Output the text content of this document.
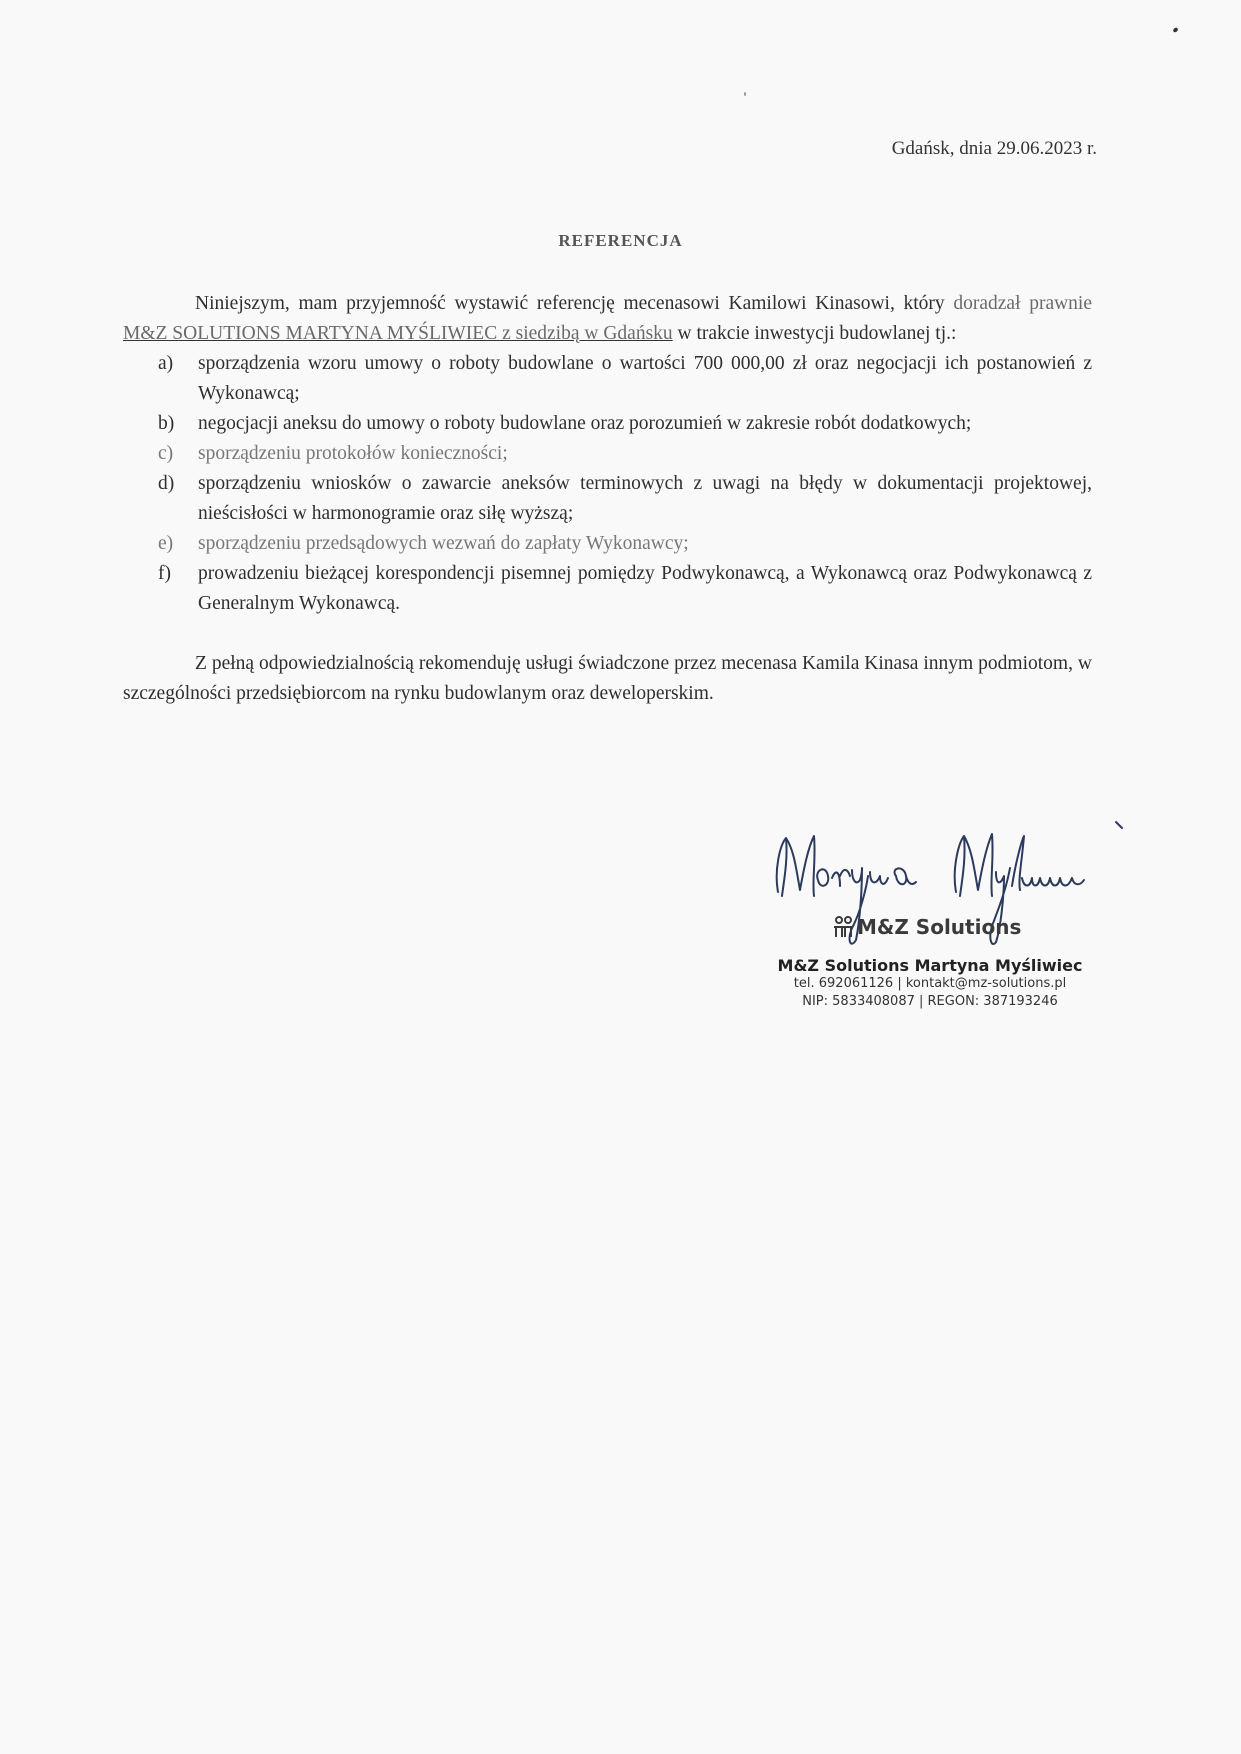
Gdańsk, dnia 29.06.2023 r.
REFERENCJA

Niniejszym, mam przyjemność wystawić referencję mecenasowi Kamilowi Kinasowi, który doradzał prawnie M&Z SOLUTIONS MARTYNA MYŚLIWIEC z siedzibą w Gdańsku w trakcie inwestycji budowlanej tj.:

a) sporządzenia wzoru umowy o roboty budowlane o wartości 700 000,00 zł oraz negocjacji ich postanowień z Wykonawcą;
b) negocjacji aneksu do umowy o roboty budowlane oraz porozumień w zakresie robót dodatkowych;
c) sporządzeniu protokołów konieczności;
d) sporządzeniu wniosków o zawarcie aneksów terminowych z uwagi na błędy w dokumentacji projektowej, nieścisłości w harmonogramie oraz siłę wyższą;
e) sporządzeniu przedsądowych wezwań do zapłaty Wykonawcy;
f) prowadzeniu bieżącej korespondencji pisemnej pomiędzy Podwykonawcą, a Wykonawcą oraz Podwykonawcą z Generalnym Wykonawcą.

Z pełną odpowiedzialnością rekomenduję usługi świadczone przez mecenasa Kamila Kinasa innym podmiotom, w szczególności przedsiębiorcom na rynku budowlanym oraz deweloperskim.

M&Z Solutions
M&Z Solutions Martyna Myśliwiec
tel. 692061126 | kontakt@mz-solutions.pl
NIP: 5833408087 | REGON: 387193246
